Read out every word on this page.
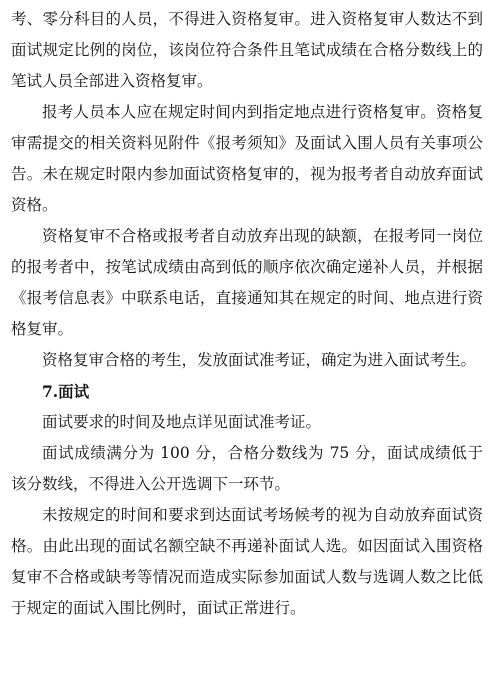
考、零分科目的人员，不得进入资格复审。进入资格复审人数达不到面试规定比例的岗位，该岗位符合条件且笔试成绩在合格分数线上的笔试人员全部进入资格复审。

报考人员本人应在规定时间内到指定地点进行资格复审。资格复审需提交的相关资料见附件《报考须知》及面试入围人员有关事项公告。未在规定时限内参加面试资格复审的，视为报考者自动放弃面试资格。

资格复审不合格或报考者自动放弃出现的缺额，在报考同一岗位的报考者中，按笔试成绩由高到低的顺序依次确定递补人员，并根据《报考信息表》中联系电话，直接通知其在规定的时间、地点进行资格复审。

资格复审合格的考生，发放面试准考证，确定为进入面试考生。

7.面试

面试要求的时间及地点详见面试准考证。

面试成绩满分为 100 分，合格分数线为 75 分，面试成绩低于该分数线，不得进入公开选调下一环节。

未按规定的时间和要求到达面试考场候考的视为自动放弃面试资格。由此出现的面试名额空缺不再递补面试人选。如因面试入围资格复审不合格或缺考等情况而造成实际参加面试人数与选调人数之比低于规定的面试入围比例时，面试正常进行。
